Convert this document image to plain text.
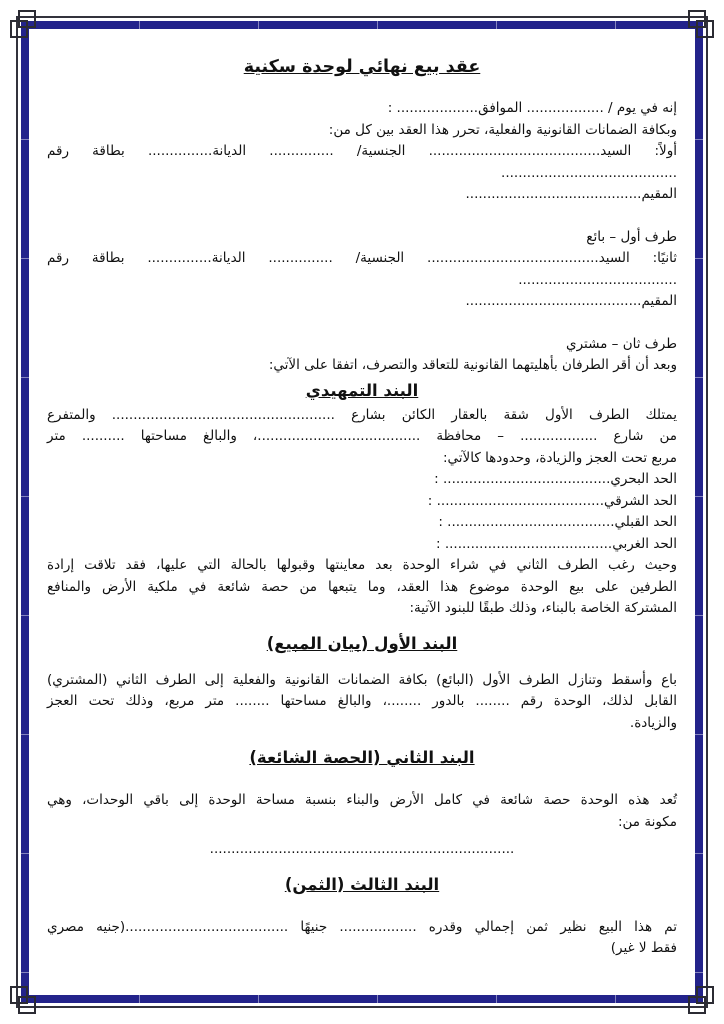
عقد بيع نهائي لوحدة سكنية

إنه في يوم / .................. الموافق................... :

وبكافة الضمانات القانونية والفعلية، تحرر هذا العقد بين كل من:

أولاً: السيد........................................ الجنسية/ ............... الديانة............... بطاقة رقم

.........................................

المقيم.........................................

طرف أول – بائع

ثانيًا: السيد........................................ الجنسية/ ............... الديانة............... بطاقة رقم

.....................................

المقيم.........................................

طرف ثان – مشتري

وبعد أن أقر الطرفان بأهليتهما القانونية للتعاقد والتصرف، اتفقا على الآتي:

البند التمهيدي

يمتلك الطرف الأول شقة بالعقار الكائن بشارع .................................................... والمتفرع

من شارع .................. – محافظة ......................................، والبالغ مساحتها .......... متر

مربع تحت العجز والزيادة، وحدودها كالآتي:

الحد البحري....................................... :

الحد الشرقي....................................... :

الحد القبلي....................................... :

الحد الغربي....................................... :

وحيث رغب الطرف الثاني في شراء الوحدة بعد معاينتها وقبولها بالحالة التي عليها، فقد تلاقت إرادة

الطرفين على بيع الوحدة موضوع هذا العقد، وما يتبعها من حصة شائعة في ملكية الأرض والمنافع

المشتركة الخاصة بالبناء، وذلك طبقًا للبنود الآتية:

البند الأول (بيان المبيع)

باع وأسقط وتنازل الطرف الأول (البائع) بكافة الضمانات القانونية والفعلية إلى الطرف الثاني (المشتري)

القابل لذلك، الوحدة رقم ........ بالدور ........، والبالغ مساحتها ........ متر مربع، وذلك تحت العجز

والزيادة.

البند الثاني (الحصة الشائعة)

تُعد هذه الوحدة حصة شائعة في كامل الأرض والبناء بنسبة مساحة الوحدة إلى باقي الوحدات، وهي

مكونة من:

.......................................................................

البند الثالث (الثمن)

تم هذا البيع نظير ثمن إجمالي وقدره .................. جنيهًا ......................................(جنيه مصري

فقط لا غير)
